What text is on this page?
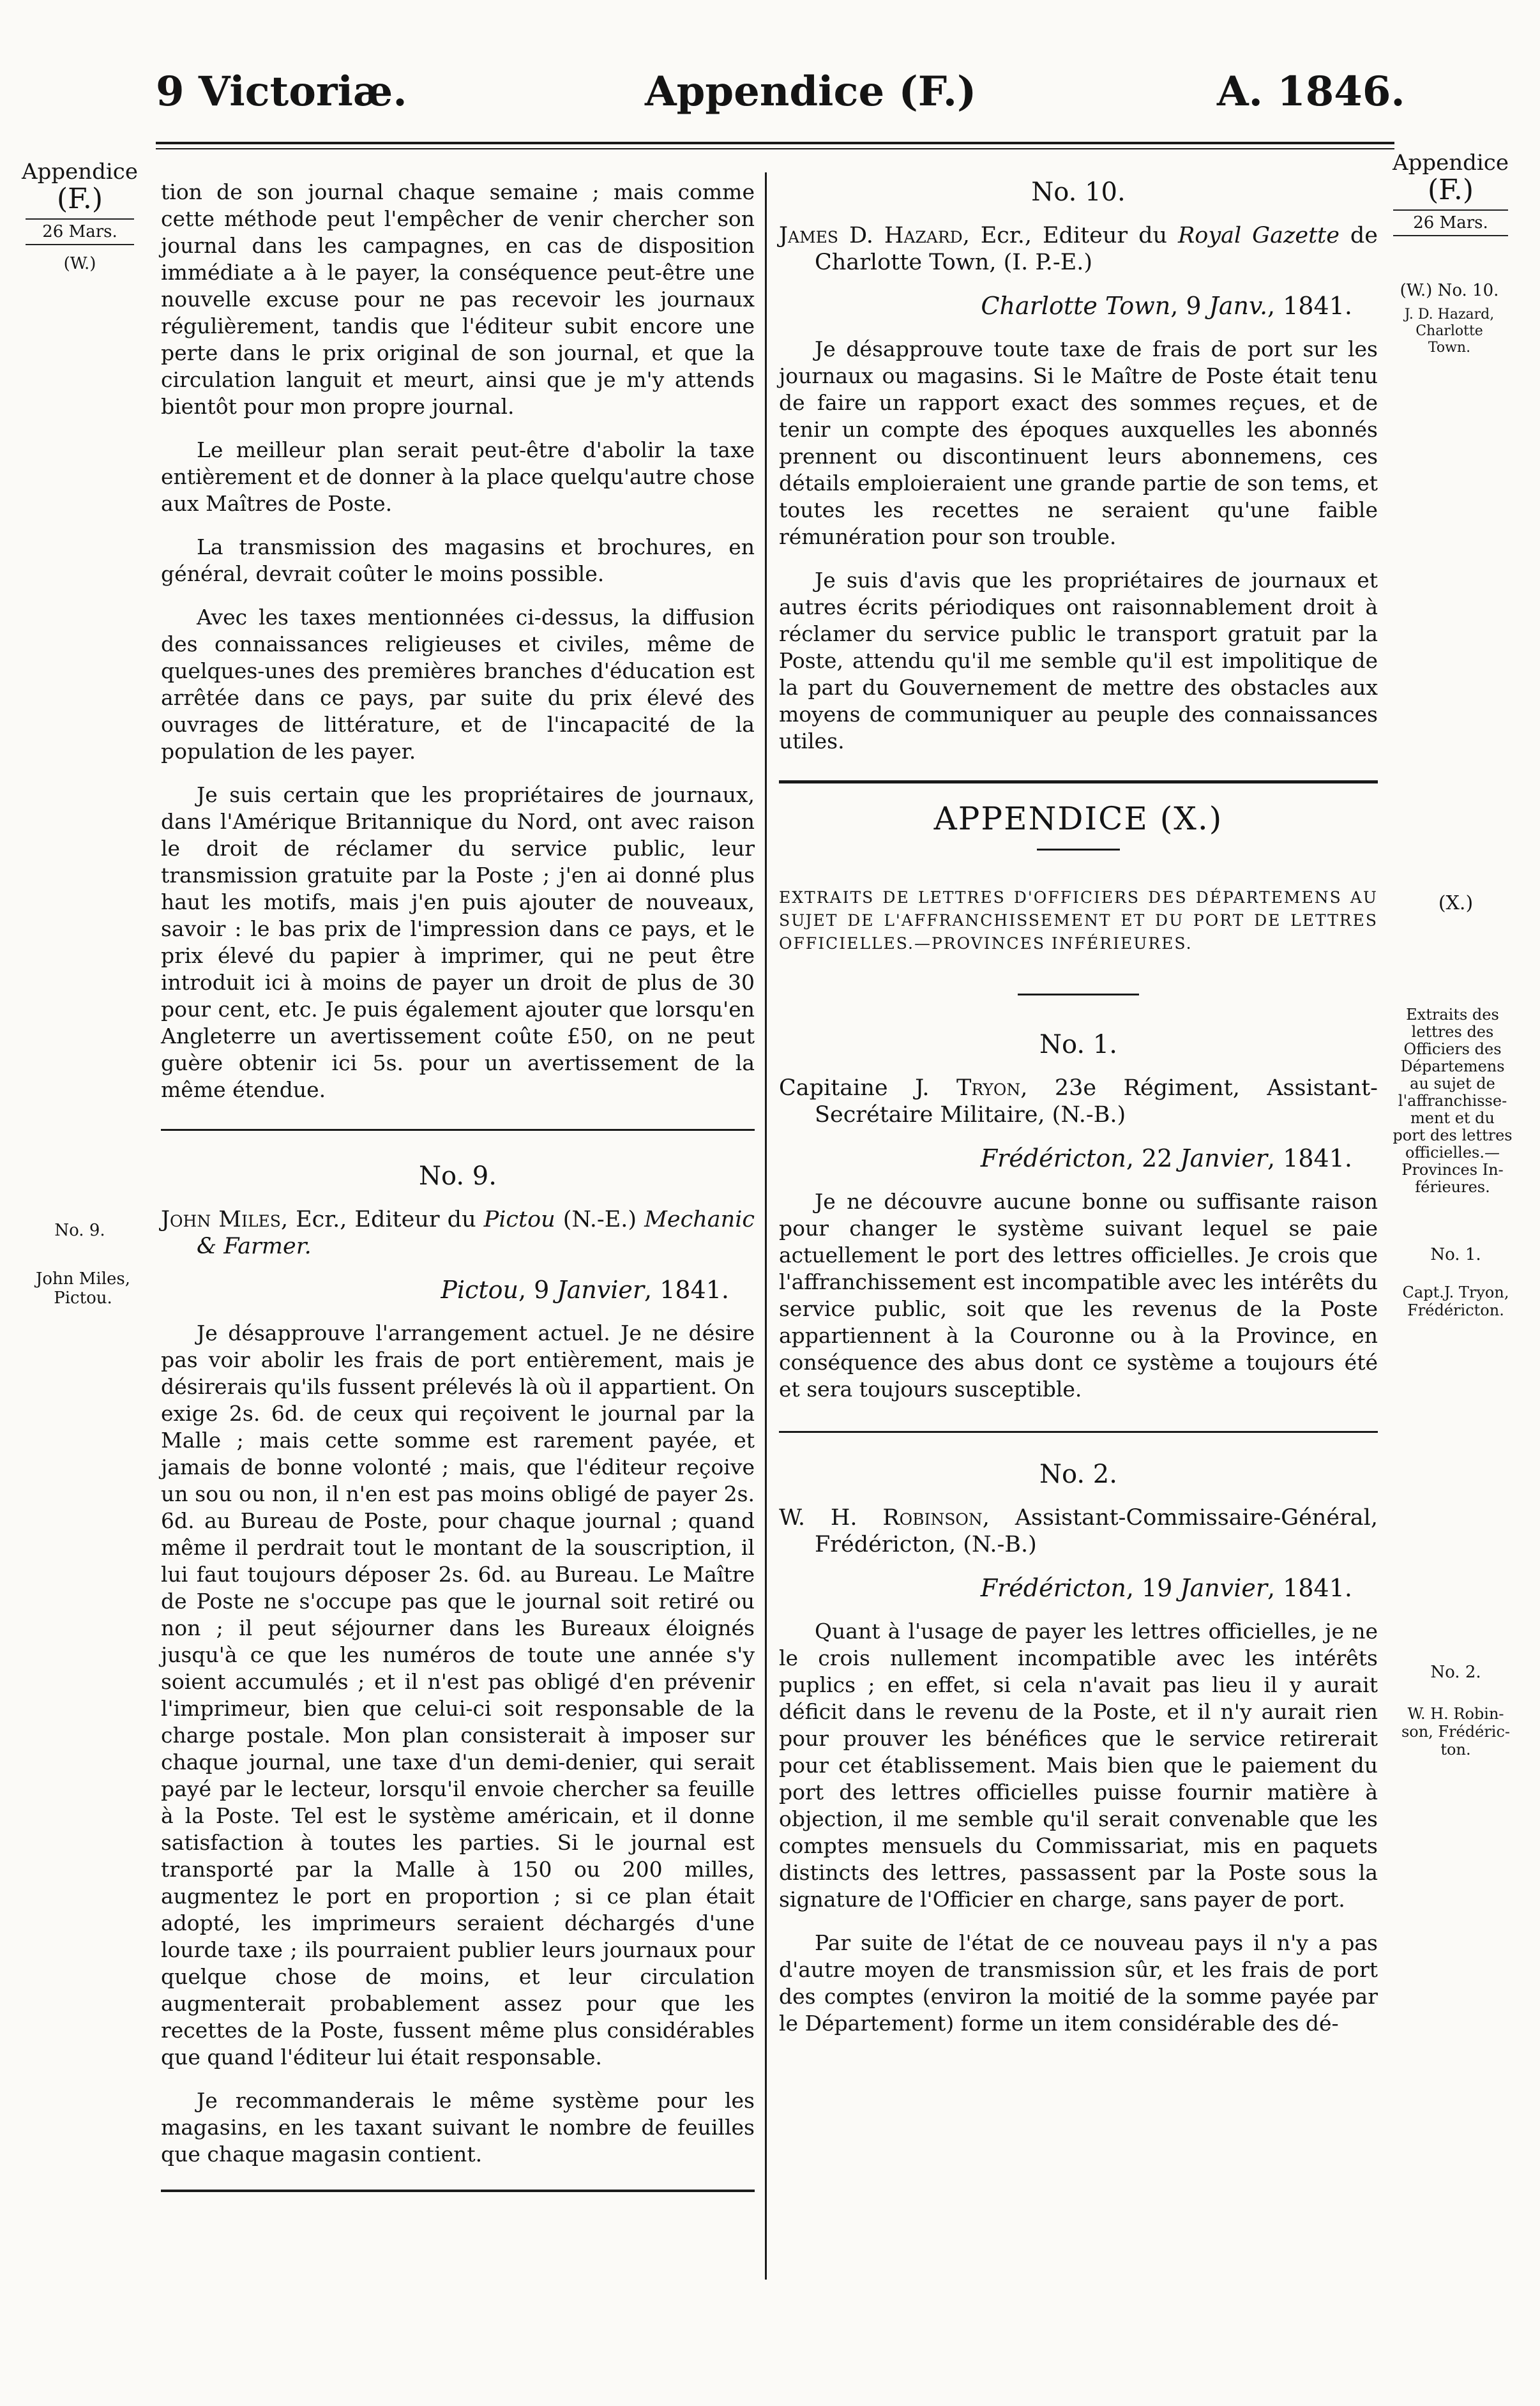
9 Victoriæ.	Appendice (F.)	A. 1846.
Appendice
(F.)
26 Mars.
(W.)
No. 9.
John Miles,
Pictou.
Appendice
(F.)
26 Mars.
(W.) No. 10.
J. D. Hazard,
Charlotte
Town.
(X.)
Extraits des
lettres des
Officiers des
Départemens
au sujet de
l'affranchisse-
ment et du
port des lettres
officielles.—
Provinces In-
férieures.
No. 1.
Capt.J. Tryon,
Frédéricton.
No. 2.
W. H. Robin-
son, Frédéric-
ton.

tion de son journal chaque semaine ; mais comme cette méthode peut l'empêcher de venir chercher son journal dans les campagnes, en cas de disposition immédiate a à le payer, la conséquence peut-être une nouvelle excuse pour ne pas recevoir les journaux régulièrement, tandis que l'éditeur subit encore une perte dans le prix original de son journal, et que la circulation languit et meurt, ainsi que je m'y attends bientôt pour mon propre journal.

Le meilleur plan serait peut-être d'abolir la taxe entièrement et de donner à la place quelqu'autre chose aux Maîtres de Poste.

La transmission des magasins et brochures, en général, devrait coûter le moins possible.

Avec les taxes mentionnées ci-dessus, la diffusion des connaissances religieuses et civiles, même de quelques-unes des premières branches d'éducation est arrêtée dans ce pays, par suite du prix élevé des ouvrages de littérature, et de l'incapacité de la population de les payer.

Je suis certain que les propriétaires de journaux, dans l'Amérique Britannique du Nord, ont avec raison le droit de réclamer du service public, leur transmission gratuite par la Poste ; j'en ai donné plus haut les motifs, mais j'en puis ajouter de nouveaux, savoir : le bas prix de l'impression dans ce pays, et le prix élevé du papier à imprimer, qui ne peut être introduit ici à moins de payer un droit de plus de 30 pour cent, etc. Je puis également ajouter que lorsqu'en Angleterre un avertissement coûte £50, on ne peut guère obtenir ici 5s. pour un avertissement de la même étendue.

No. 9.

John Miles, Ecr., Editeur du Pictou (N.-E.) Mechanic & Farmer.

Pictou, 9 Janvier, 1841.

Je désapprouve l'arrangement actuel. Je ne désire pas voir abolir les frais de port entièrement, mais je désirerais qu'ils fussent prélevés là où il appartient. On exige 2s. 6d. de ceux qui reçoivent le journal par la Malle ; mais cette somme est rarement payée, et jamais de bonne volonté ; mais, que l'éditeur reçoive un sou ou non, il n'en est pas moins obligé de payer 2s. 6d. au Bureau de Poste, pour chaque journal ; quand même il perdrait tout le montant de la souscription, il lui faut toujours déposer 2s. 6d. au Bureau. Le Maître de Poste ne s'occupe pas que le journal soit retiré ou non ; il peut séjourner dans les Bureaux éloignés jusqu'à ce que les numéros de toute une année s'y soient accumulés ; et il n'est pas obligé d'en prévenir l'imprimeur, bien que celui-ci soit responsable de la charge postale. Mon plan consisterait à imposer sur chaque journal, une taxe d'un demi-denier, qui serait payé par le lecteur, lorsqu'il envoie chercher sa feuille à la Poste. Tel est le système américain, et il donne satisfaction à toutes les parties. Si le journal est transporté par la Malle à 150 ou 200 milles, augmentez le port en proportion ; si ce plan était adopté, les imprimeurs seraient déchargés d'une lourde taxe ; ils pourraient publier leurs journaux pour quelque chose de moins, et leur circulation augmenterait probablement assez pour que les recettes de la Poste, fussent même plus considérables que quand l'éditeur lui était responsable.

Je recommanderais le même système pour les magasins, en les taxant suivant le nombre de feuilles que chaque magasin contient.

No. 10.

James D. Hazard, Ecr., Editeur du Royal Gazette de Charlotte Town, (I. P.-E.)

Charlotte Town, 9 Janv., 1841.

Je désapprouve toute taxe de frais de port sur les journaux ou magasins. Si le Maître de Poste était tenu de faire un rapport exact des sommes reçues, et de tenir un compte des époques auxquelles les abonnés prennent ou discontinuent leurs abonnemens, ces détails emploieraient une grande partie de son tems, et toutes les recettes ne seraient qu'une faible rémunération pour son trouble.

Je suis d'avis que les propriétaires de journaux et autres écrits périodiques ont raisonnablement droit à réclamer du service public le transport gratuit par la Poste, attendu qu'il me semble qu'il est impolitique de la part du Gouvernement de mettre des obstacles aux moyens de communiquer au peuple des connaissances utiles.

APPENDICE (X.)

EXTRAITS DE LETTRES D'OFFICIERS DES DÉPARTEMENS AU SUJET DE L'AFFRANCHISSEMENT ET DU PORT DE LETTRES OFFICIELLES.—PROVINCES INFÉRIEURES.

No. 1.

Capitaine J. Tryon, 23e Régiment, Assistant-Secrétaire Militaire, (N.-B.)

Frédéricton, 22 Janvier, 1841.

Je ne découvre aucune bonne ou suffisante raison pour changer le système suivant lequel se paie actuellement le port des lettres officielles. Je crois que l'affranchissement est incompatible avec les intérêts du service public, soit que les revenus de la Poste appartiennent à la Couronne ou à la Province, en conséquence des abus dont ce système a toujours été et sera toujours susceptible.

No. 2.

W. H. Robinson, Assistant-Commissaire-Général, Frédéricton, (N.-B.)

Frédéricton, 19 Janvier, 1841.

Quant à l'usage de payer les lettres officielles, je ne le crois nullement incompatible avec les intérêts puplics ; en effet, si cela n'avait pas lieu il y aurait déficit dans le revenu de la Poste, et il n'y aurait rien pour prouver les bénéfices que le service retirerait pour cet établissement. Mais bien que le paiement du port des lettres officielles puisse fournir matière à objection, il me semble qu'il serait convenable que les comptes mensuels du Commissariat, mis en paquets distincts des lettres, passassent par la Poste sous la signature de l'Officier en charge, sans payer de port.

Par suite de l'état de ce nouveau pays il n'y a pas d'autre moyen de transmission sûr, et les frais de port des comptes (environ la moitié de la somme payée par le Département) forme un item considérable des dé-
